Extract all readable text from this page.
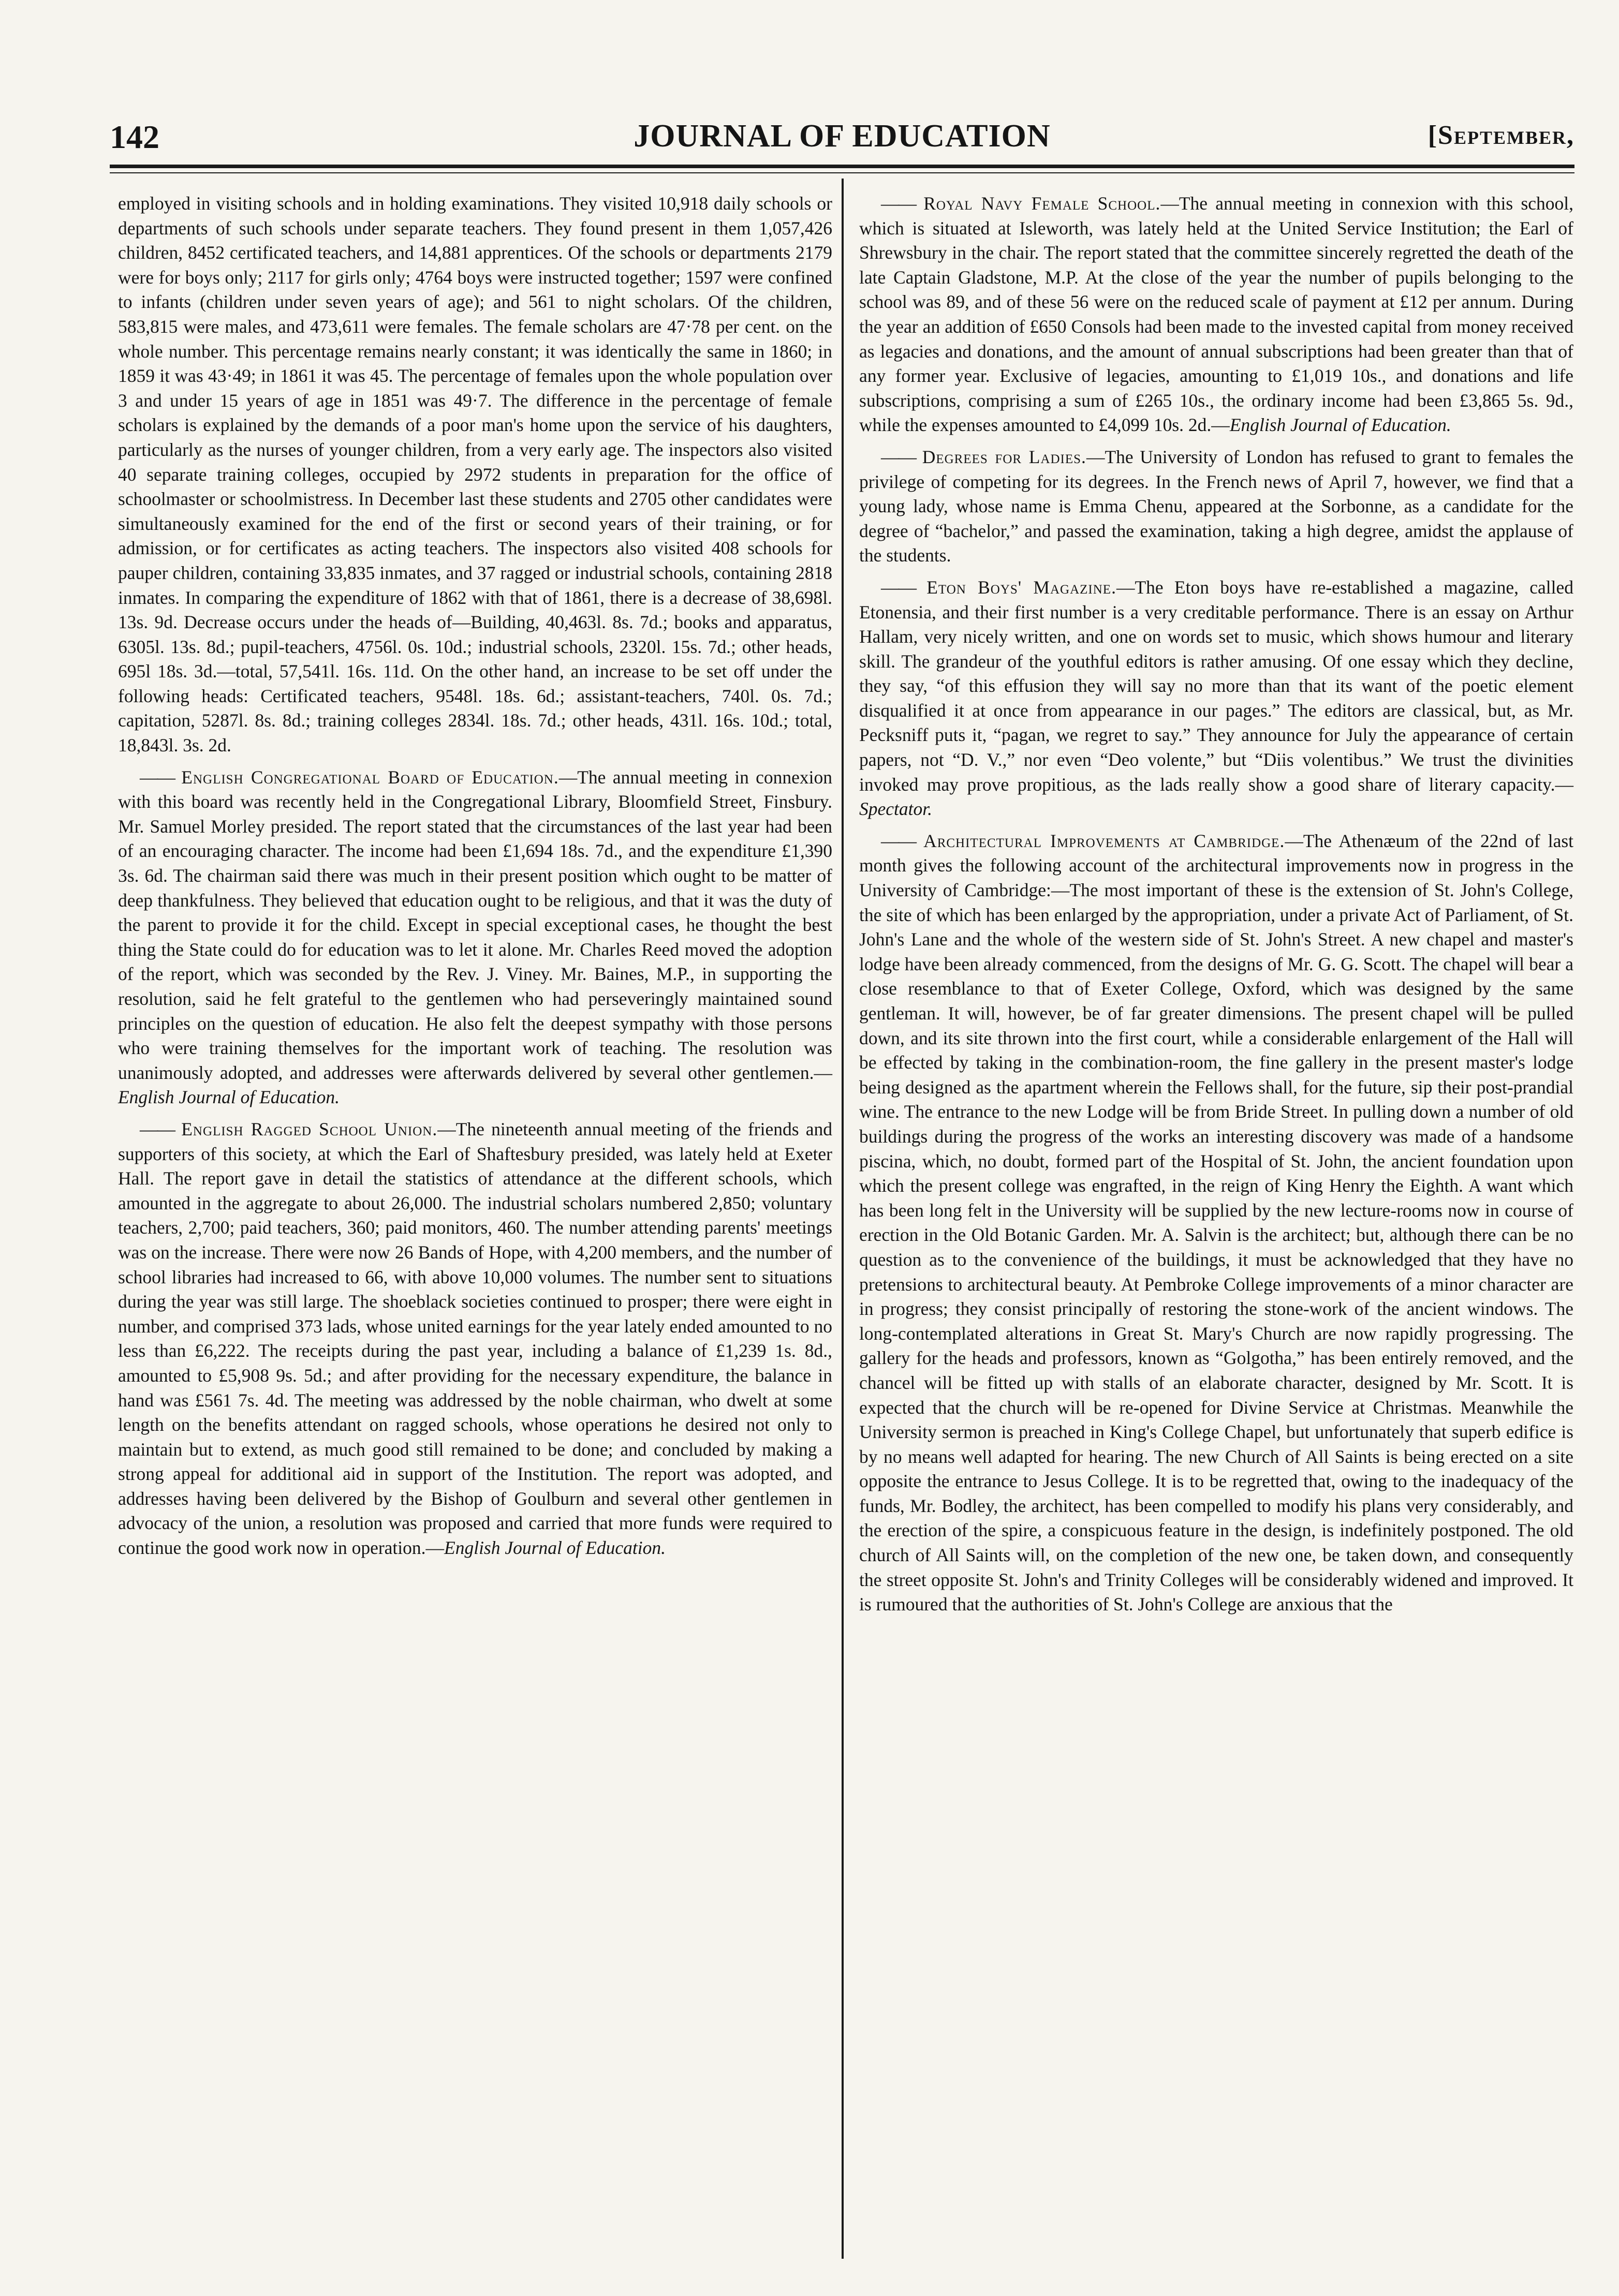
142	JOURNAL OF EDUCATION	[September,

employed in visiting schools and in holding examinations. They visited 10,918 daily schools or departments of such schools under separate teachers. They found present in them 1,057,426 children, 8452 certificated teachers, and 14,881 apprentices. Of the schools or departments 2179 were for boys only; 2117 for girls only; 4764 boys were instructed together; 1597 were confined to infants (children under seven years of age); and 561 to night scholars. Of the children, 583,815 were males, and 473,611 were females. The female scholars are 47·78 per cent. on the whole number. This percentage remains nearly constant; it was identically the same in 1860; in 1859 it was 43·49; in 1861 it was 45. The percentage of females upon the whole population over 3 and under 15 years of age in 1851 was 49·7. The difference in the percentage of female scholars is explained by the demands of a poor man's home upon the service of his daughters, particularly as the nurses of younger children, from a very early age. The inspectors also visited 40 separate training colleges, occupied by 2972 students in preparation for the office of schoolmaster or schoolmistress. In December last these students and 2705 other candidates were simultaneously examined for the end of the first or second years of their training, or for admission, or for certificates as acting teachers. The inspectors also visited 408 schools for pauper children, containing 33,835 inmates, and 37 ragged or industrial schools, containing 2818 inmates. In comparing the expenditure of 1862 with that of 1861, there is a decrease of 38,698l. 13s. 9d. Decrease occurs under the heads of—Building, 40,463l. 8s. 7d.; books and apparatus, 6305l. 13s. 8d.; pupil-teachers, 4756l. 0s. 10d.; industrial schools, 2320l. 15s. 7d.; other heads, 695l 18s. 3d.—total, 57,541l. 16s. 11d. On the other hand, an increase to be set off under the following heads: Certificated teachers, 9548l. 18s. 6d.; assistant-teachers, 740l. 0s. 7d.; capitation, 5287l. 8s. 8d.; training colleges 2834l. 18s. 7d.; other heads, 431l. 16s. 10d.; total, 18,843l. 3s. 2d.

—— English Congregational Board of Education.—The annual meeting in connexion with this board was recently held in the Congregational Library, Bloomfield Street, Finsbury. Mr. Samuel Morley presided. The report stated that the circumstances of the last year had been of an encouraging character. The income had been £1,694 18s. 7d., and the expenditure £1,390 3s. 6d. The chairman said there was much in their present position which ought to be matter of deep thankfulness. They believed that education ought to be religious, and that it was the duty of the parent to provide it for the child. Except in special exceptional cases, he thought the best thing the State could do for education was to let it alone. Mr. Charles Reed moved the adoption of the report, which was seconded by the Rev. J. Viney. Mr. Baines, M.P., in supporting the resolution, said he felt grateful to the gentlemen who had perseveringly maintained sound principles on the question of education. He also felt the deepest sympathy with those persons who were training themselves for the important work of teaching. The resolution was unanimously adopted, and addresses were afterwards delivered by several other gentlemen.—English Journal of Education.

—— English Ragged School Union.—The nineteenth annual meeting of the friends and supporters of this society, at which the Earl of Shaftesbury presided, was lately held at Exeter Hall. The report gave in detail the statistics of attendance at the different schools, which amounted in the aggregate to about 26,000. The industrial scholars numbered 2,850; voluntary teachers, 2,700; paid teachers, 360; paid monitors, 460. The number attending parents' meetings was on the increase. There were now 26 Bands of Hope, with 4,200 members, and the number of school libraries had increased to 66, with above 10,000 volumes. The number sent to situations during the year was still large. The shoeblack societies continued to prosper; there were eight in number, and comprised 373 lads, whose united earnings for the year lately ended amounted to no less than £6,222. The receipts during the past year, including a balance of £1,239 1s. 8d., amounted to £5,908 9s. 5d.; and after providing for the necessary expenditure, the balance in hand was £561 7s. 4d. The meeting was addressed by the noble chairman, who dwelt at some length on the benefits attendant on ragged schools, whose operations he desired not only to maintain but to extend, as much good still remained to be done; and concluded by making a strong appeal for additional aid in support of the Institution. The report was adopted, and addresses having been delivered by the Bishop of Goulburn and several other gentlemen in advocacy of the union, a resolution was proposed and carried that more funds were required to continue the good work now in operation.—English Journal of Education.

—— Royal Navy Female School.—The annual meeting in connexion with this school, which is situated at Isleworth, was lately held at the United Service Institution; the Earl of Shrewsbury in the chair. The report stated that the committee sincerely regretted the death of the late Captain Gladstone, M.P. At the close of the year the number of pupils belonging to the school was 89, and of these 56 were on the reduced scale of payment at £12 per annum. During the year an addition of £650 Consols had been made to the invested capital from money received as legacies and donations, and the amount of annual subscriptions had been greater than that of any former year. Exclusive of legacies, amounting to £1,019 10s., and donations and life subscriptions, comprising a sum of £265 10s., the ordinary income had been £3,865 5s. 9d., while the expenses amounted to £4,099 10s. 2d.—English Journal of Education.

—— Degrees for Ladies.—The University of London has refused to grant to females the privilege of competing for its degrees. In the French news of April 7, however, we find that a young lady, whose name is Emma Chenu, appeared at the Sorbonne, as a candidate for the degree of “bachelor,” and passed the examination, taking a high degree, amidst the applause of the students.

—— Eton Boys' Magazine.—The Eton boys have re-established a magazine, called Etonensia, and their first number is a very creditable performance. There is an essay on Arthur Hallam, very nicely written, and one on words set to music, which shows humour and literary skill. The grandeur of the youthful editors is rather amusing. Of one essay which they decline, they say, “of this effusion they will say no more than that its want of the poetic element disqualified it at once from appearance in our pages.” The editors are classical, but, as Mr. Pecksniff puts it, “pagan, we regret to say.” They announce for July the appearance of certain papers, not “D. V.,” nor even “Deo volente,” but “Diis volentibus.” We trust the divinities invoked may prove propitious, as the lads really show a good share of literary capacity.—Spectator.

—— Architectural Improvements at Cambridge.—The Athenæum of the 22nd of last month gives the following account of the architectural improvements now in progress in the University of Cambridge:—The most important of these is the extension of St. John's College, the site of which has been enlarged by the appropriation, under a private Act of Parliament, of St. John's Lane and the whole of the western side of St. John's Street. A new chapel and master's lodge have been already commenced, from the designs of Mr. G. G. Scott. The chapel will bear a close resemblance to that of Exeter College, Oxford, which was designed by the same gentleman. It will, however, be of far greater dimensions. The present chapel will be pulled down, and its site thrown into the first court, while a considerable enlargement of the Hall will be effected by taking in the combination-room, the fine gallery in the present master's lodge being designed as the apartment wherein the Fellows shall, for the future, sip their post-prandial wine. The entrance to the new Lodge will be from Bride Street. In pulling down a number of old buildings during the progress of the works an interesting discovery was made of a handsome piscina, which, no doubt, formed part of the Hospital of St. John, the ancient foundation upon which the present college was engrafted, in the reign of King Henry the Eighth. A want which has been long felt in the University will be supplied by the new lecture-rooms now in course of erection in the Old Botanic Garden. Mr. A. Salvin is the architect; but, although there can be no question as to the convenience of the buildings, it must be acknowledged that they have no pretensions to architectural beauty. At Pembroke College improvements of a minor character are in progress; they consist principally of restoring the stone-work of the ancient windows. The long-contemplated alterations in Great St. Mary's Church are now rapidly progressing. The gallery for the heads and professors, known as “Golgotha,” has been entirely removed, and the chancel will be fitted up with stalls of an elaborate character, designed by Mr. Scott. It is expected that the church will be re-opened for Divine Service at Christmas. Meanwhile the University sermon is preached in King's College Chapel, but unfortunately that superb edifice is by no means well adapted for hearing. The new Church of All Saints is being erected on a site opposite the entrance to Jesus College. It is to be regretted that, owing to the inadequacy of the funds, Mr. Bodley, the architect, has been compelled to modify his plans very considerably, and the erection of the spire, a conspicuous feature in the design, is indefinitely postponed. The old church of All Saints will, on the completion of the new one, be taken down, and consequently the street opposite St. John's and Trinity Colleges will be considerably widened and improved. It is rumoured that the authorities of St. John's College are anxious that the
